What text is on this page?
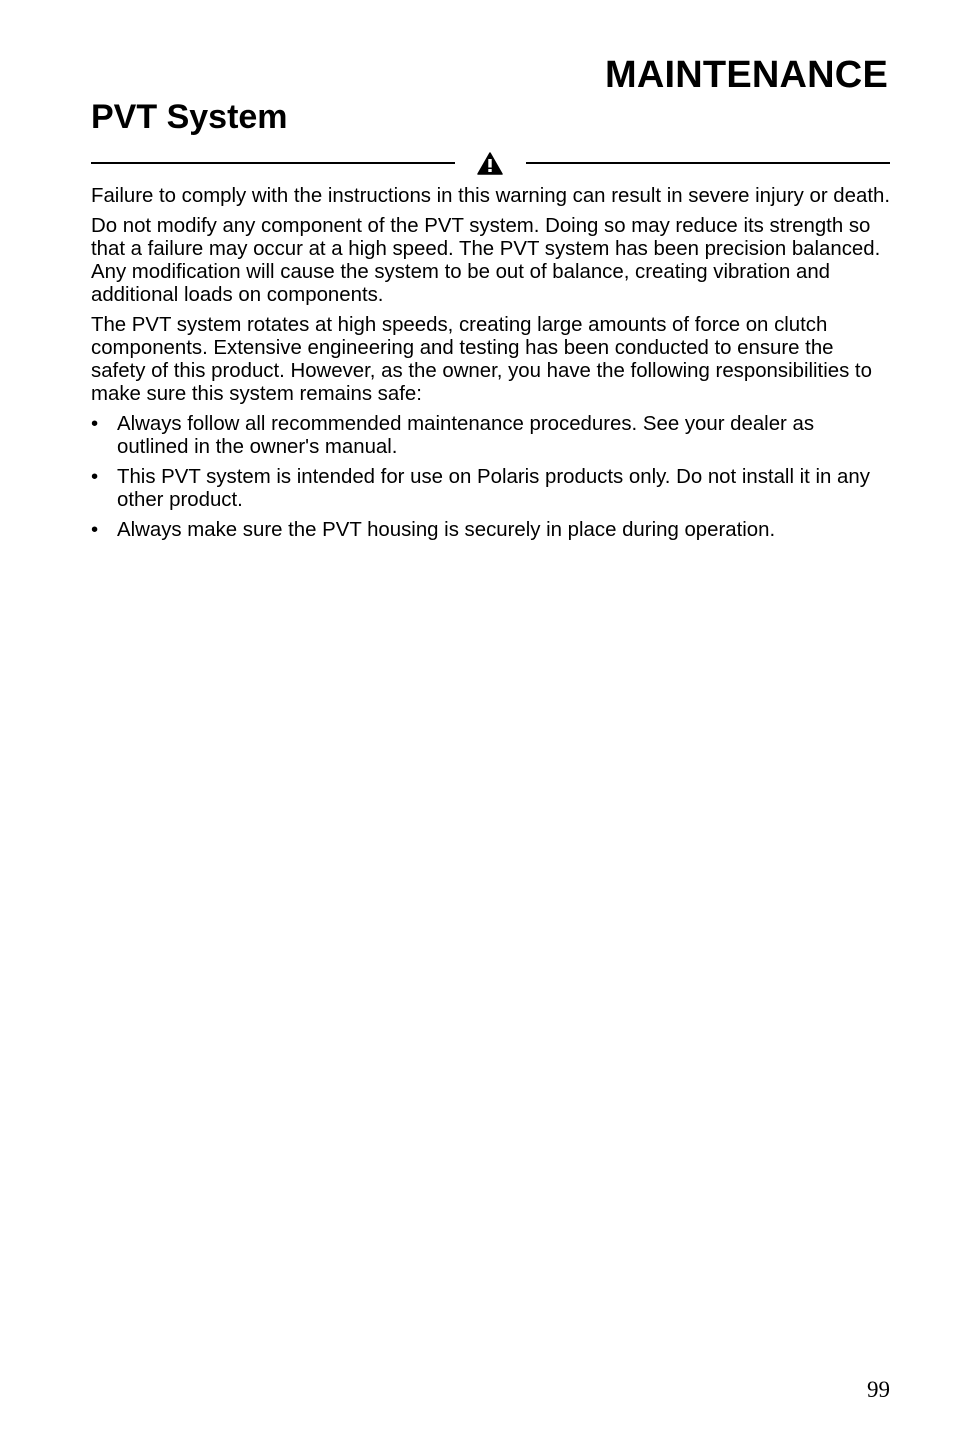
MAINTENANCE
PVT System

Failure to comply with the instructions in this warning can result in severe injury or death.

Do not modify any component of the PVT system. Doing so may reduce its strength so that a failure may occur at a high speed. The PVT system has been precision balanced. Any modification will cause the system to be out of balance, creating vibration and additional loads on components.

The PVT system rotates at high speeds, creating large amounts of force on clutch components. Extensive engineering and testing has been conducted to ensure the safety of this product. However, as the owner, you have the following responsibilities to make sure this system remains safe:

• Always follow all recommended maintenance procedures. See your dealer as outlined in the owner's manual.
• This PVT system is intended for use on Polaris products only. Do not install it in any other product.
• Always make sure the PVT housing is securely in place during operation.
99
